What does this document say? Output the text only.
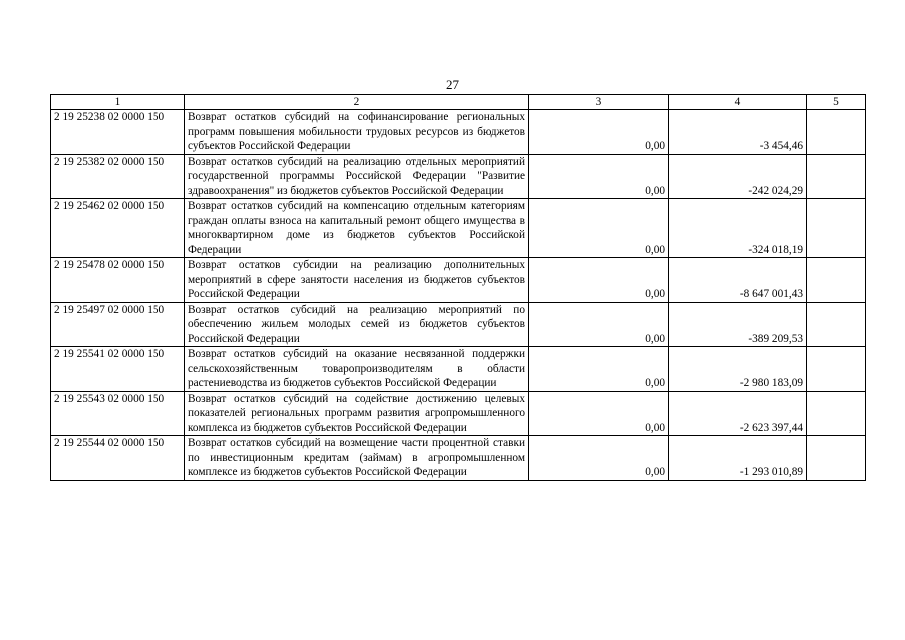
27
1	2	3	4	5
2 19 25238 02 0000 150	Возврат остатков субсидий на софинансирование региональных программ повышения мобильности трудовых ресурсов из бюджетов субъектов Российской Федерации	0,00	-3 454,46	
2 19 25382 02 0000 150	Возврат остатков субсидий на реализацию отдельных мероприятий государственной программы Российской Федерации "Развитие здравоохранения" из бюджетов субъектов Российской Федерации	0,00	-242 024,29	
2 19 25462 02 0000 150	Возврат остатков субсидий на компенсацию отдельным категориям граждан оплаты взноса на капитальный ремонт общего имущества в многоквартирном доме из бюджетов субъектов Российской Федерации	0,00	-324 018,19	
2 19 25478 02 0000 150	Возврат остатков субсидии на реализацию дополнительных мероприятий в сфере занятости населения из бюджетов субъектов Российской Федерации	0,00	-8 647 001,43	
2 19 25497 02 0000 150	Возврат остатков субсидий на реализацию мероприятий по обеспечению жильем молодых семей из бюджетов субъектов Российской Федерации	0,00	-389 209,53	
2 19 25541 02 0000 150	Возврат остатков субсидий на оказание несвязанной поддержки сельскохозяйственным товаропроизводителям в области растениеводства из бюджетов субъектов Российской Федерации	0,00	-2 980 183,09	
2 19 25543 02 0000 150	Возврат остатков субсидий на содействие достижению целевых показателей региональных программ развития агропромышленного комплекса из бюджетов субъектов Российской Федерации	0,00	-2 623 397,44	
2 19 25544 02 0000 150	Возврат остатков субсидий на возмещение части процентной ставки по инвестиционным кредитам (займам) в агропромышленном комплексе из бюджетов субъектов Российской Федерации	0,00	-1 293 010,89	
